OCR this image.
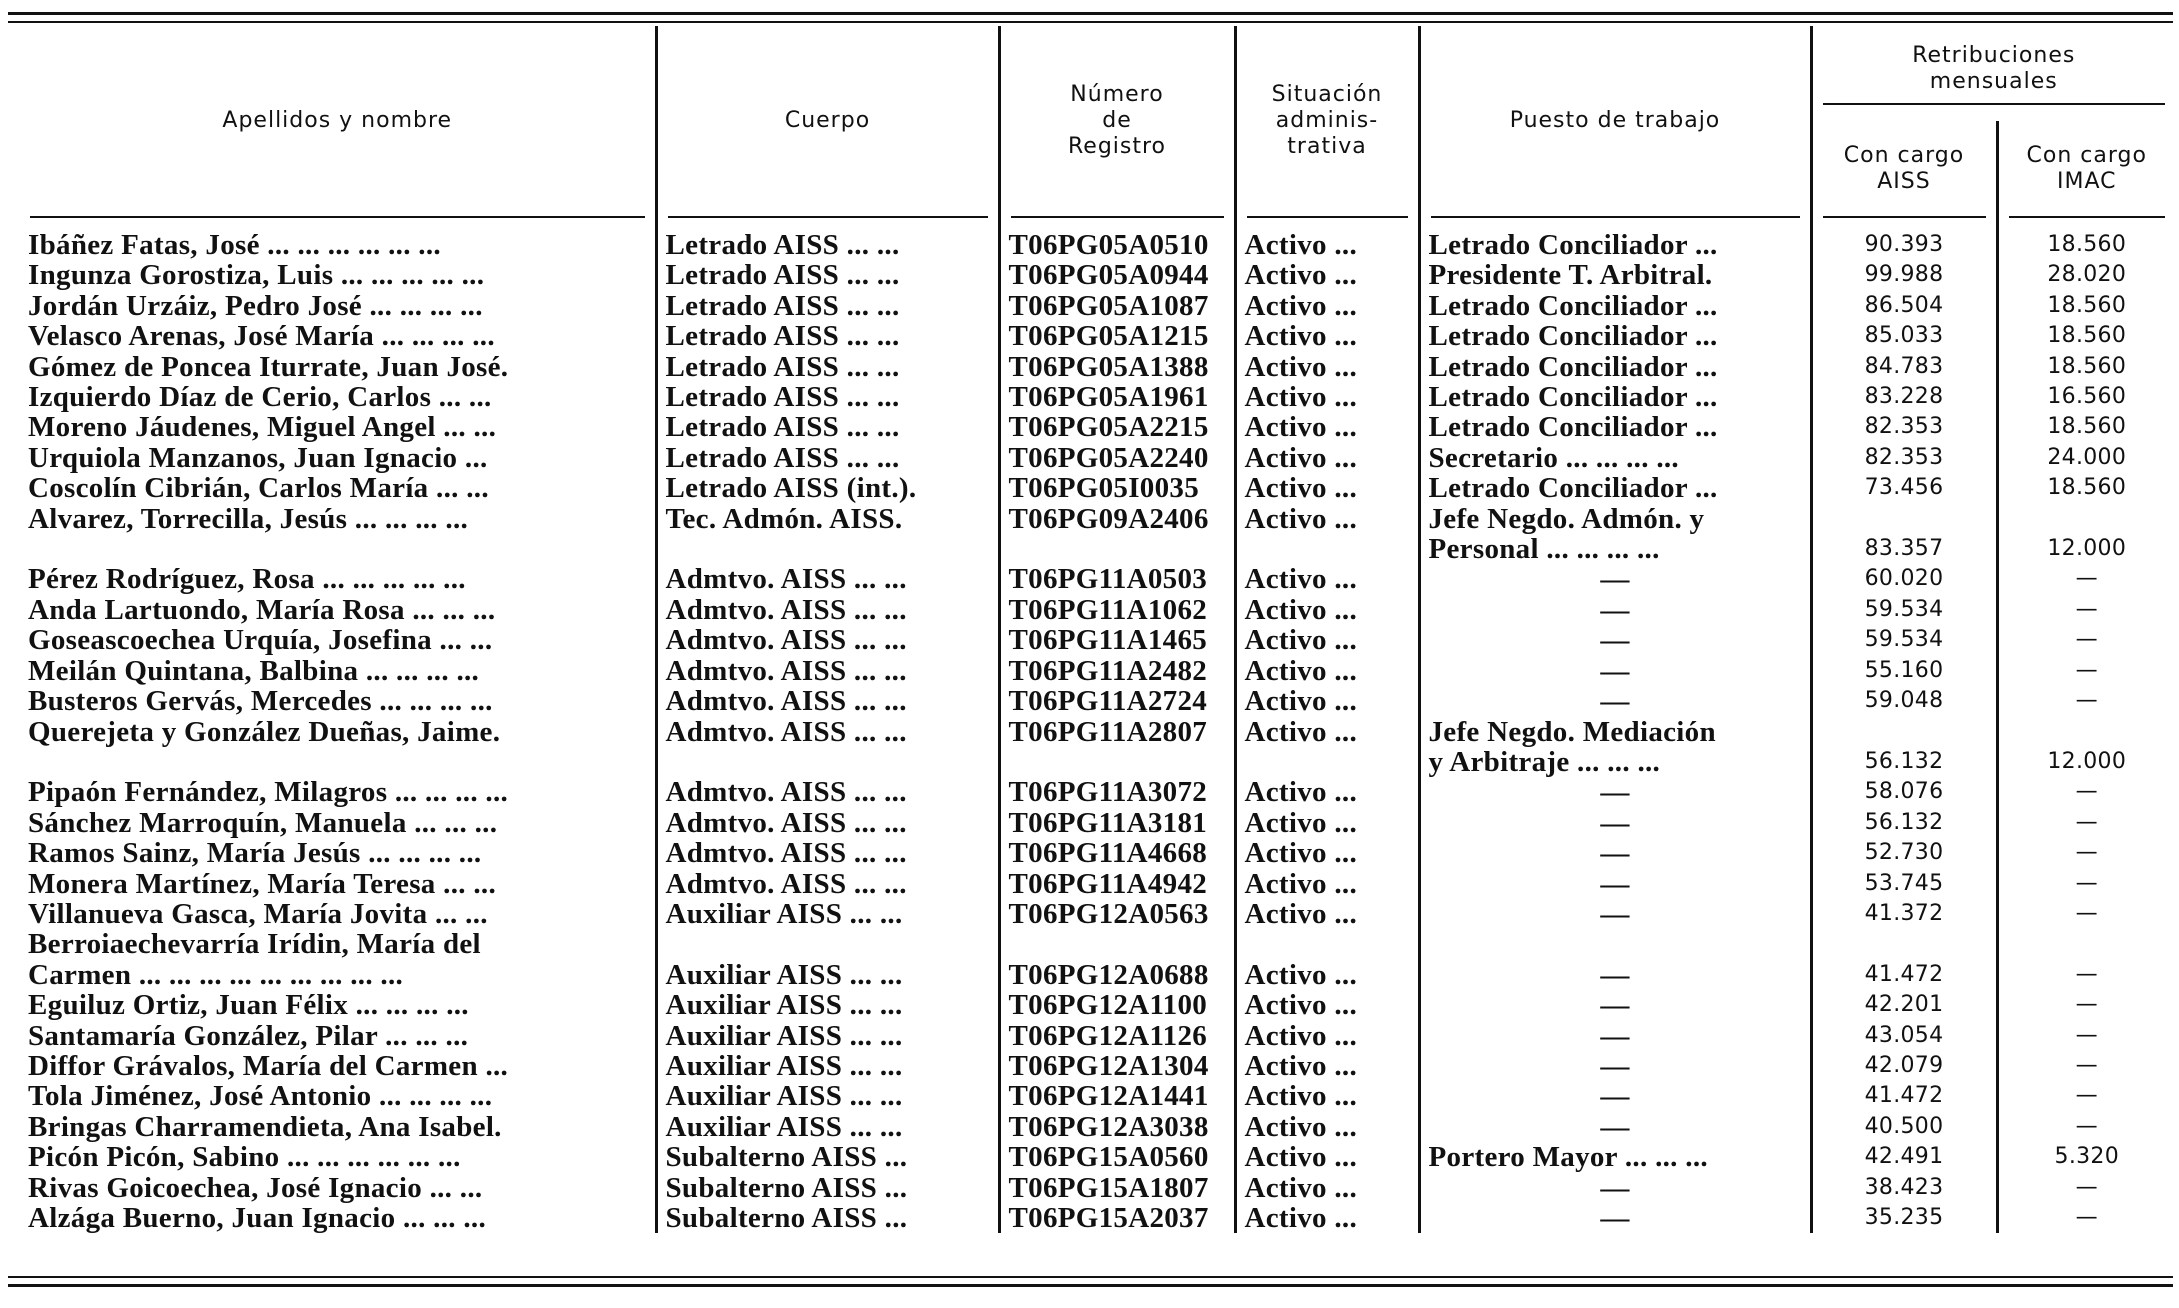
Apellidos y nombre	Cuerpo	Número
de
Registro	Situación
adminis-
trativa	Puesto de trabajo	Retribuciones
mensuales	

Con cargo
AISS	Con cargo
IMAC

Ibáñez Fatas, José ... ... ... ... ... ...	Letrado AISS ... ...	T06PG05A0510	Activo ...	Letrado Conciliador ...	90.393	18.560
Ingunza Gorostiza, Luis ... ... ... ... ...	Letrado AISS ... ...	T06PG05A0944	Activo ...	Presidente T. Arbitral.	99.988	28.020
Jordán Urzáiz, Pedro José ... ... ... ...	Letrado AISS ... ...	T06PG05A1087	Activo ...	Letrado Conciliador ...	86.504	18.560
Velasco Arenas, José María ... ... ... ...	Letrado AISS ... ...	T06PG05A1215	Activo ...	Letrado Conciliador ...	85.033	18.560
Gómez de Poncea Iturrate, Juan José.	Letrado AISS ... ...	T06PG05A1388	Activo ...	Letrado Conciliador ...	84.783	18.560
Izquierdo Díaz de Cerio, Carlos ... ...	Letrado AISS ... ...	T06PG05A1961	Activo ...	Letrado Conciliador ...	83.228	16.560
Moreno Jáudenes, Miguel Angel ... ...	Letrado AISS ... ...	T06PG05A2215	Activo ...	Letrado Conciliador ...	82.353	18.560
Urquiola Manzanos, Juan Ignacio ...	Letrado AISS ... ...	T06PG05A2240	Activo ...	Secretario ... ... ... ...	82.353	24.000
Coscolín Cibrián, Carlos María ... ...	Letrado AISS (int.).	T06PG05I0035	Activo ...	Letrado Conciliador ...	73.456	18.560
Alvarez, Torrecilla, Jesús ... ... ... ...	Tec. Admón. AISS.	T06PG09A2406	Activo ...	Jefe Negdo. Admón. y
Personal ... ... ... ...	83.357	12.000
Pérez Rodríguez, Rosa ... ... ... ... ...	Admtvo. AISS ... ...	T06PG11A0503	Activo ...	—	60.020	—
Anda Lartuondo, María Rosa ... ... ...	Admtvo. AISS ... ...	T06PG11A1062	Activo ...	—	59.534	—
Goseascoechea Urquía, Josefina ... ...	Admtvo. AISS ... ...	T06PG11A1465	Activo ...	—	59.534	—
Meilán Quintana, Balbina ... ... ... ...	Admtvo. AISS ... ...	T06PG11A2482	Activo ...	—	55.160	—
Busteros Gervás, Mercedes ... ... ... ...	Admtvo. AISS ... ...	T06PG11A2724	Activo ...	—	59.048	—
Querejeta y González Dueñas, Jaime.	Admtvo. AISS ... ...	T06PG11A2807	Activo ...	Jefe Negdo. Mediación
y Arbitraje ... ... ...	56.132	12.000
Pipaón Fernández, Milagros ... ... ... ...	Admtvo. AISS ... ...	T06PG11A3072	Activo ...	—	58.076	—
Sánchez Marroquín, Manuela ... ... ...	Admtvo. AISS ... ...	T06PG11A3181	Activo ...	—	56.132	—
Ramos Sainz, María Jesús ... ... ... ...	Admtvo. AISS ... ...	T06PG11A4668	Activo ...	—	52.730	—
Monera Martínez, María Teresa ... ...	Admtvo. AISS ... ...	T06PG11A4942	Activo ...	—	53.745	—
Villanueva Gasca, María Jovita ... ...	Auxiliar AISS ... ...	T06PG12A0563	Activo ...	—	41.372	—
Berroiaechevarría Irídin, María del
Carmen ... ... ... ... ... ... ... ... ...	Auxiliar AISS ... ...	T06PG12A0688	Activo ...	—	41.472	—
Eguiluz Ortiz, Juan Félix ... ... ... ...	Auxiliar AISS ... ...	T06PG12A1100	Activo ...	—	42.201	—
Santamaría González, Pilar ... ... ...	Auxiliar AISS ... ...	T06PG12A1126	Activo ...	—	43.054	—
Diffor Grávalos, María del Carmen ...	Auxiliar AISS ... ...	T06PG12A1304	Activo ...	—	42.079	—
Tola Jiménez, José Antonio ... ... ... ...	Auxiliar AISS ... ...	T06PG12A1441	Activo ...	—	41.472	—
Bringas Charramendieta, Ana Isabel.	Auxiliar AISS ... ...	T06PG12A3038	Activo ...	—	40.500	—
Picón Picón, Sabino ... ... ... ... ... ...	Subalterno AISS ...	T06PG15A0560	Activo ...	Portero Mayor ... ... ...	42.491	5.320
Rivas Goicoechea, José Ignacio ... ...	Subalterno AISS ...	T06PG15A1807	Activo ...	—	38.423	—
Alzága Buerno, Juan Ignacio ... ... ...	Subalterno AISS ...	T06PG15A2037	Activo ...	—	35.235	—
